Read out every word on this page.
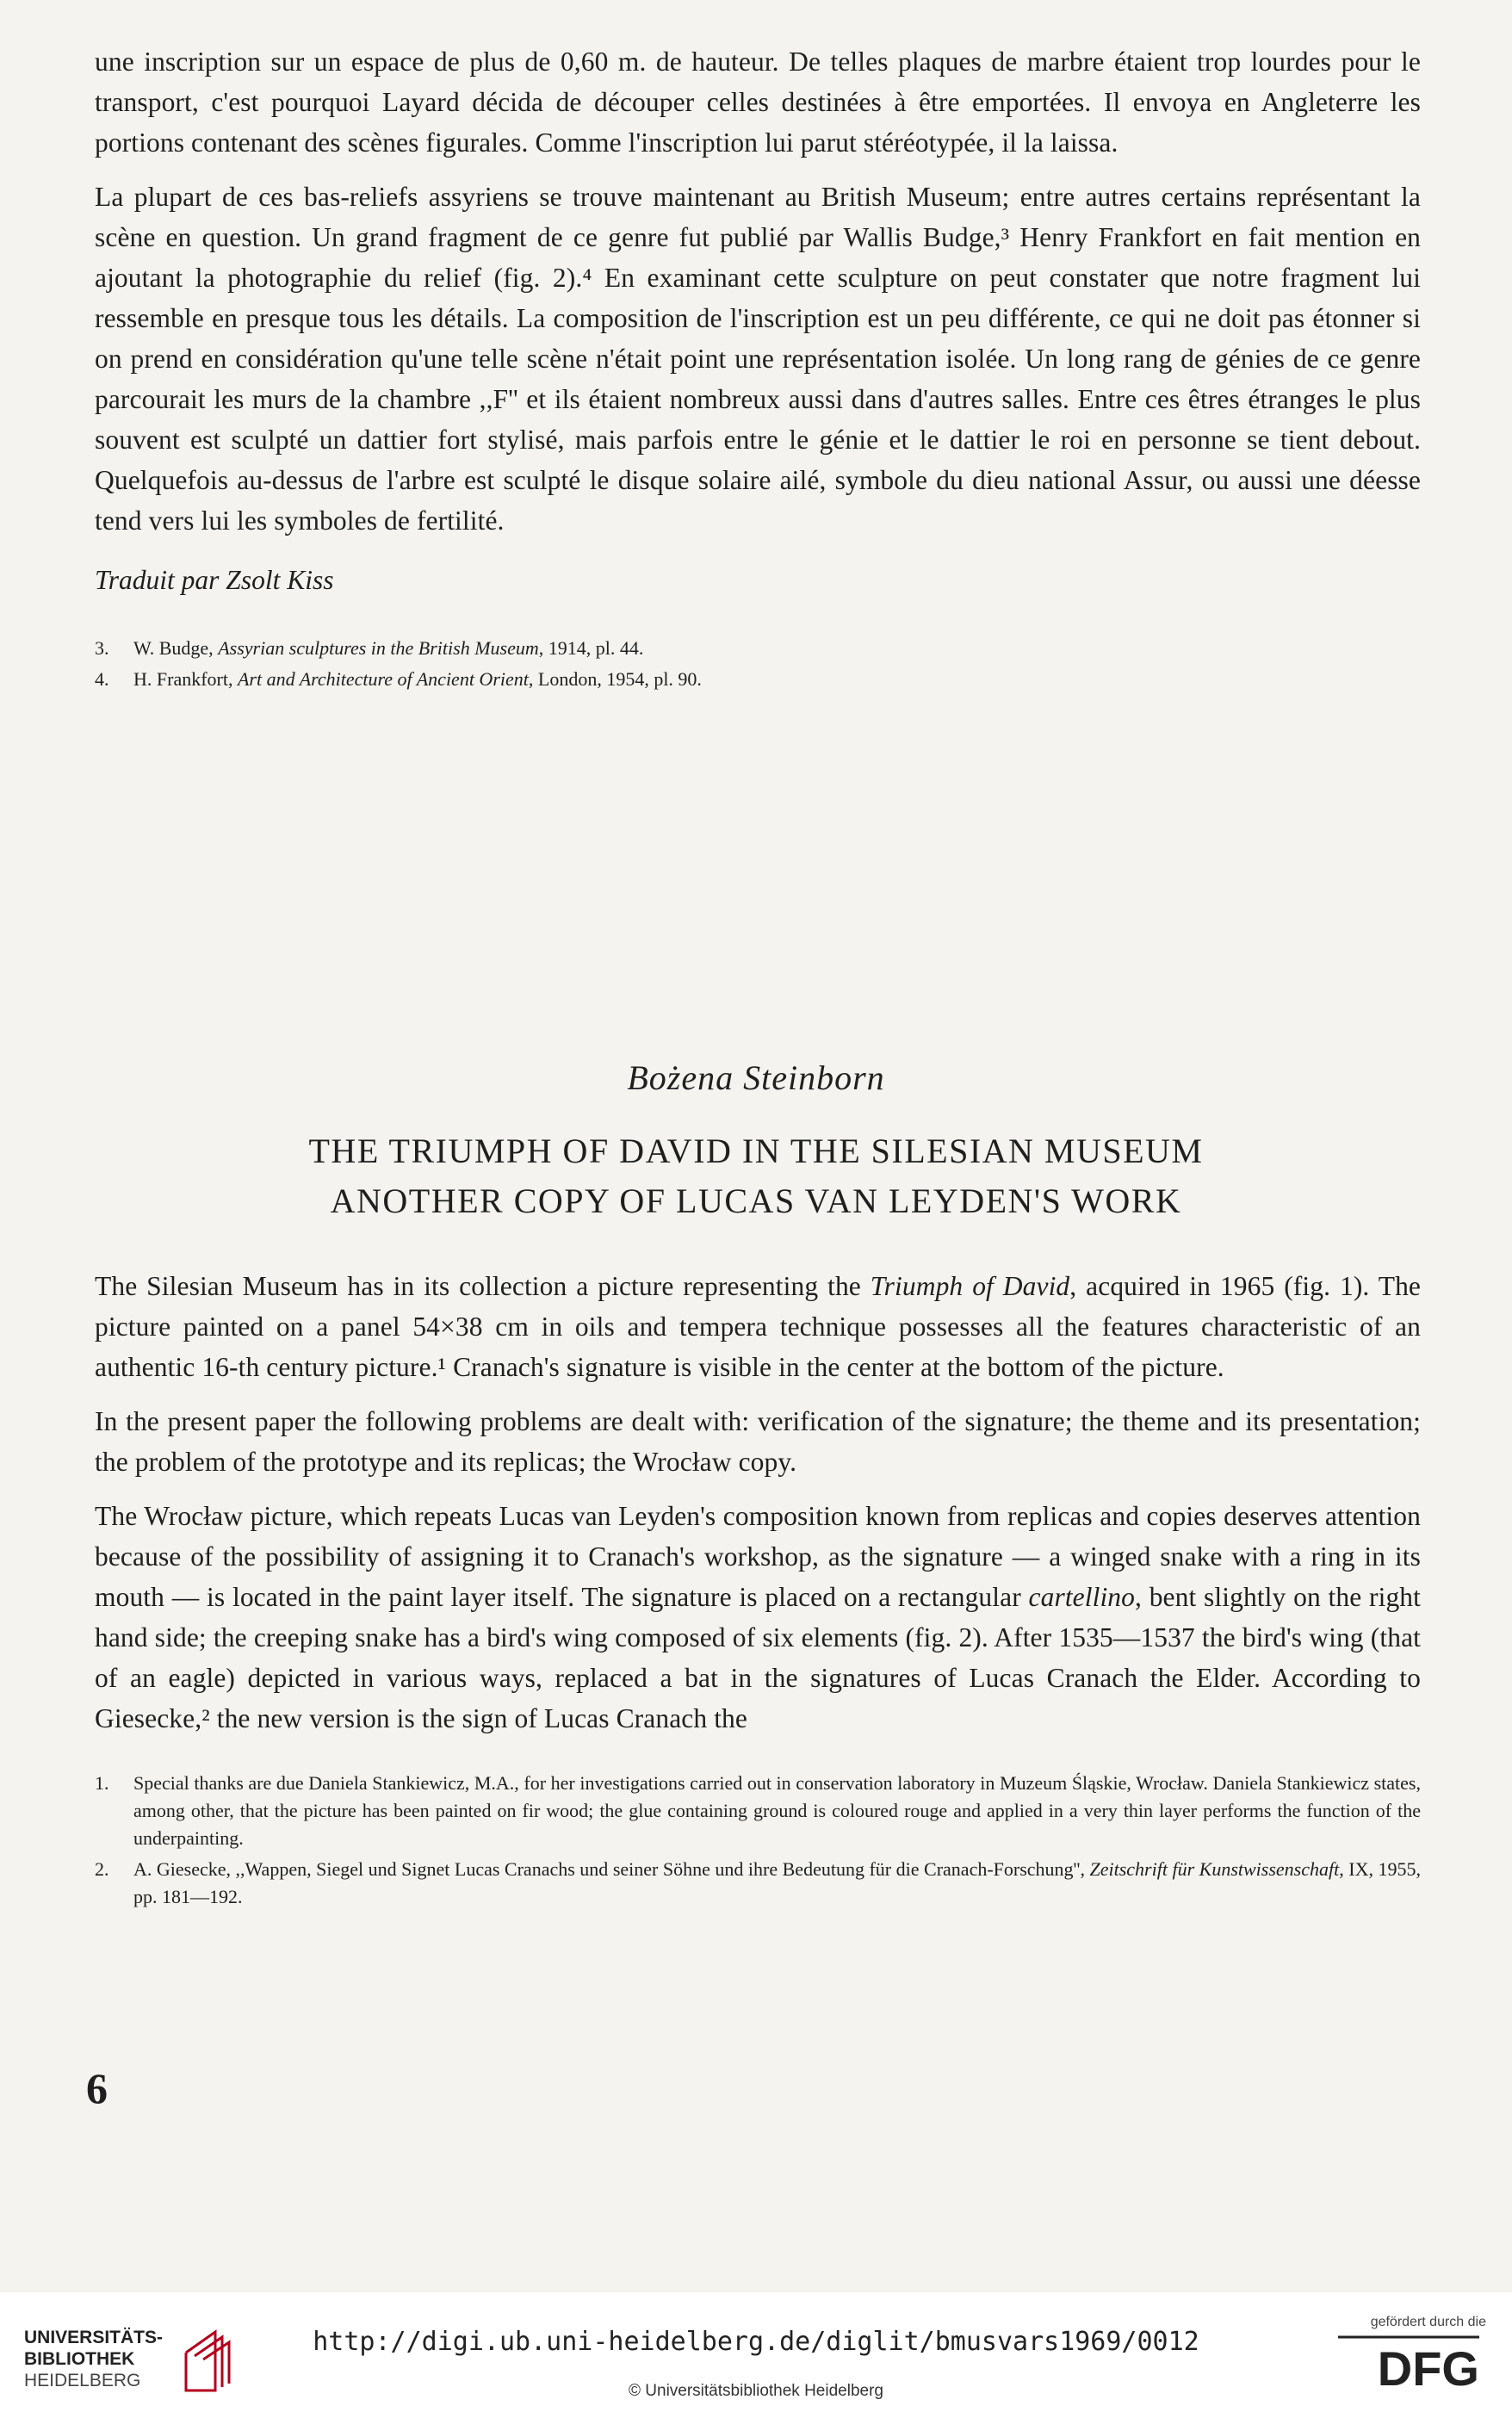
une inscription sur un espace de plus de 0,60 m. de hauteur. De telles plaques de marbre étaient trop lourdes pour le transport, c'est pourquoi Layard décida de découper celles destinées à être emportées. Il envoya en Angleterre les portions contenant des scènes figurales. Comme l'inscription lui parut stéréotypée, il la laissa.

La plupart de ces bas-reliefs assyriens se trouve maintenant au British Museum; entre autres certains représentant la scène en question. Un grand fragment de ce genre fut publié par Wallis Budge,³ Henry Frankfort en fait mention en ajoutant la photographie du relief (fig. 2).⁴ En examinant cette sculpture on peut constater que notre fragment lui ressemble en presque tous les détails. La composition de l'inscription est un peu différente, ce qui ne doit pas étonner si on prend en considération qu'une telle scène n'était point une représentation isolée. Un long rang de génies de ce genre parcourait les murs de la chambre ,,F'' et ils étaient nombreux aussi dans d'autres salles. Entre ces êtres étranges le plus souvent est sculpté un dattier fort stylisé, mais parfois entre le génie et le dattier le roi en personne se tient debout. Quelquefois au-dessus de l'arbre est sculpté le disque solaire ailé, symbole du dieu national Assur, ou aussi une déesse tend vers lui les symboles de fertilité.

Traduit par Zsolt Kiss
3. W. Budge, Assyrian sculptures in the British Museum, 1914, pl. 44.
4. H. Frankfort, Art and Architecture of Ancient Orient, London, 1954, pl. 90.
Bożena Steinborn
THE TRIUMPH OF DAVID IN THE SILESIAN MUSEUM
ANOTHER COPY OF LUCAS VAN LEYDEN'S WORK

The Silesian Museum has in its collection a picture representing the Triumph of David, acquired in 1965 (fig. 1). The picture painted on a panel 54×38 cm in oils and tempera technique possesses all the features characteristic of an authentic 16-th century picture.¹ Cranach's signature is visible in the center at the bottom of the picture.

In the present paper the following problems are dealt with: verification of the signature; the theme and its presentation; the problem of the prototype and its replicas; the Wrocław copy.

The Wrocław picture, which repeats Lucas van Leyden's composition known from replicas and copies deserves attention because of the possibility of assigning it to Cranach's workshop, as the signature — a winged snake with a ring in its mouth — is located in the paint layer itself. The signature is placed on a rectangular cartellino, bent slightly on the right hand side; the creeping snake has a bird's wing composed of six elements (fig. 2). After 1535—1537 the bird's wing (that of an eagle) depicted in various ways, replaced a bat in the signatures of Lucas Cranach the Elder. According to Giesecke,² the new version is the sign of Lucas Cranach the

1. Special thanks are due Daniela Stankiewicz, M.A., for her investigations carried out in conservation laboratory in Muzeum Śląskie, Wrocław. Daniela Stankiewicz states, among other, that the picture has been painted on fir wood; the glue containing ground is coloured rouge and applied in a very thin layer performs the function of the underpainting.
2. A. Giesecke, ,,Wappen, Siegel und Signet Lucas Cranachs und seiner Söhne und ihre Bedeutung für die Cranach-Forschung'', Zeitschrift für Kunstwissenschaft, IX, 1955, pp. 181—192.
6
UNIVERSITÄTS-
BIBLIOTHEK
HEIDELBERG
http://digi.ub.uni-heidelberg.de/diglit/bmusvars1969/0012
© Universitätsbibliothek Heidelberg
gefördert durch die
DFG
